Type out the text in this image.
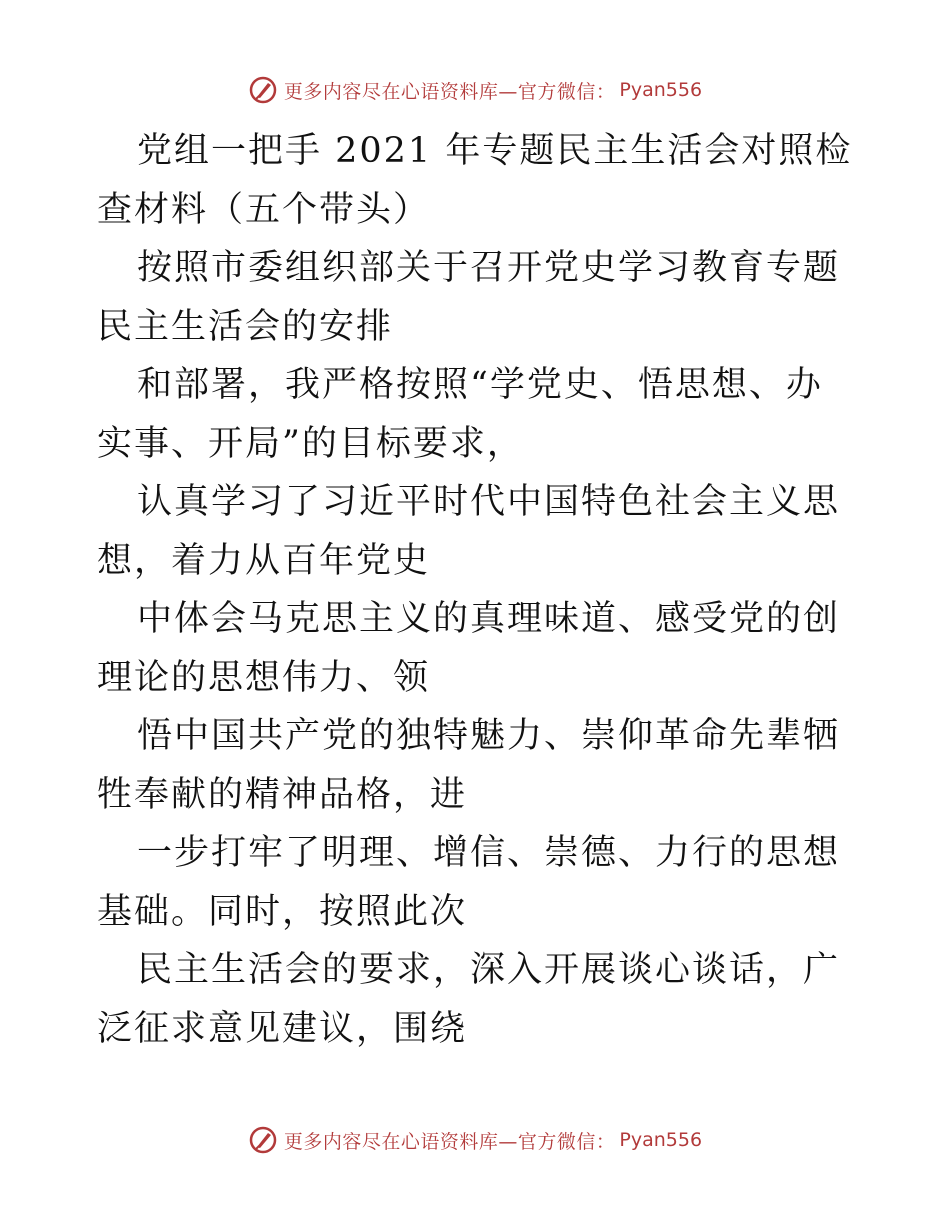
更多内容尽在心语资料库—官方微信： Pyan556

党组一把手 2021 年专题民主生活会对照检查材料（五个带头）

按照市委组织部关于召开党史学习教育专题民主生活会的安排

和部署，我严格按照“学党史、悟思想、办实事、开局”的目标要求，

认真学习了习近平时代中国特色社会主义思想，着力从百年党史

中体会马克思主义的真理味道、感受党的创理论的思想伟力、领

悟中国共产党的独特魅力、崇仰革命先辈牺牲奉献的精神品格，进

一步打牢了明理、增信、崇德、力行的思想基础。同时，按照此次

民主生活会的要求，深入开展谈心谈话，广泛征求意见建议，围绕

更多内容尽在心语资料库—官方微信： Pyan556
